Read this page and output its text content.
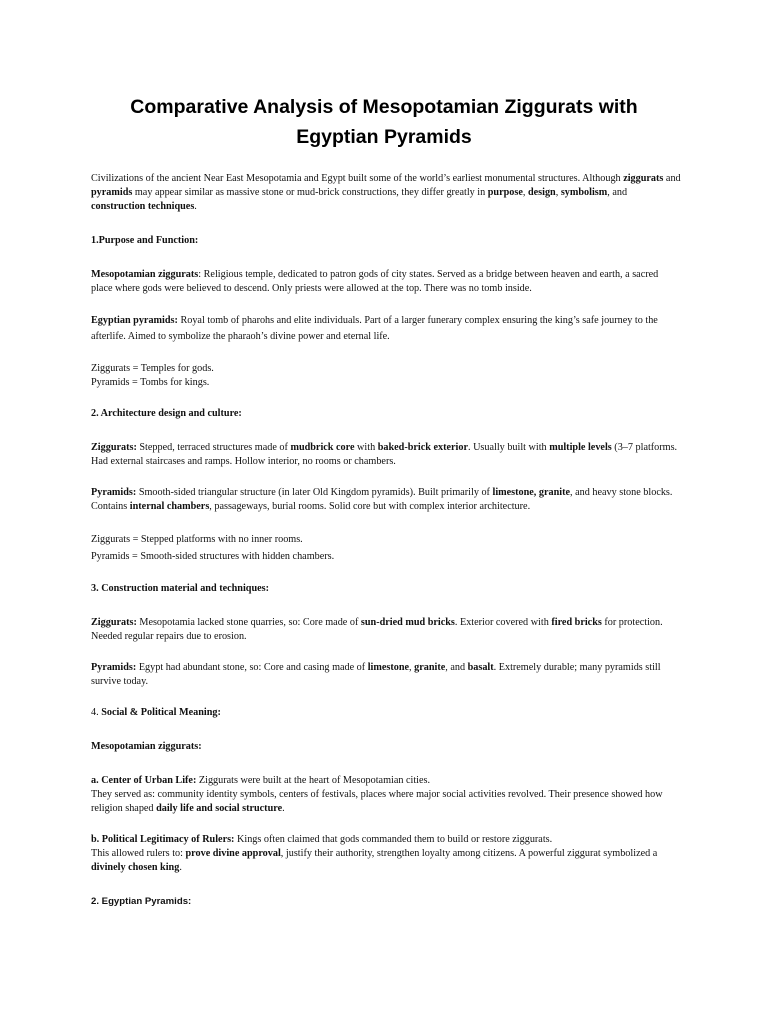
Comparative Analysis of Mesopotamian Ziggurats with
Egyptian Pyramids

Civilizations of the ancient Near East Mesopotamia and Egypt built some of the world’s earliest monumental structures. Although ziggurats and pyramids may appear similar as massive stone or mud-brick constructions, they differ greatly in purpose, design, symbolism, and construction techniques.

1.Purpose and Function:

Mesopotamian ziggurats: Religious temple, dedicated to patron gods of city states. Served as a bridge between heaven and earth, a sacred place where gods were believed to descend. Only priests were allowed at the top. There was no tomb inside.

Egyptian pyramids: Royal tomb of pharohs and elite individuals. Part of a larger funerary complex ensuring the king’s safe journey to the afterlife. Aimed to symbolize the pharaoh’s divine power and eternal life.

Ziggurats = Temples for gods.

Pyramids = Tombs for kings.

2. Architecture design and culture:

Ziggurats: Stepped, terraced structures made of mudbrick core with baked-brick exterior. Usually built with multiple levels (3–7 platforms. Had external staircases and ramps. Hollow interior, no rooms or chambers.

Pyramids: Smooth-sided triangular structure (in later Old Kingdom pyramids). Built primarily of limestone, granite, and heavy stone blocks. Contains internal chambers, passageways, burial rooms. Solid core but with complex interior architecture.

Ziggurats = Stepped platforms with no inner rooms.

Pyramids = Smooth-sided structures with hidden chambers.

3. Construction material and techniques:

Ziggurats: Mesopotamia lacked stone quarries, so: Core made of sun-dried mud bricks. Exterior covered with fired bricks for protection. Needed regular repairs due to erosion.

Pyramids: Egypt had abundant stone, so: Core and casing made of limestone, granite, and basalt. Extremely durable; many pyramids still survive today.

4. Social & Political Meaning:

Mesopotamian ziggurats:

a. Center of Urban Life: Ziggurats were built at the heart of Mesopotamian cities.
They served as: community identity symbols, centers of festivals, places where major social activities revolved. Their presence showed how religion shaped daily life and social structure.

b. Political Legitimacy of Rulers: Kings often claimed that gods commanded them to build or restore ziggurats.
This allowed rulers to: prove divine approval, justify their authority, strengthen loyalty among citizens. A powerful ziggurat symbolized a divinely chosen king.

2. Egyptian Pyramids:
